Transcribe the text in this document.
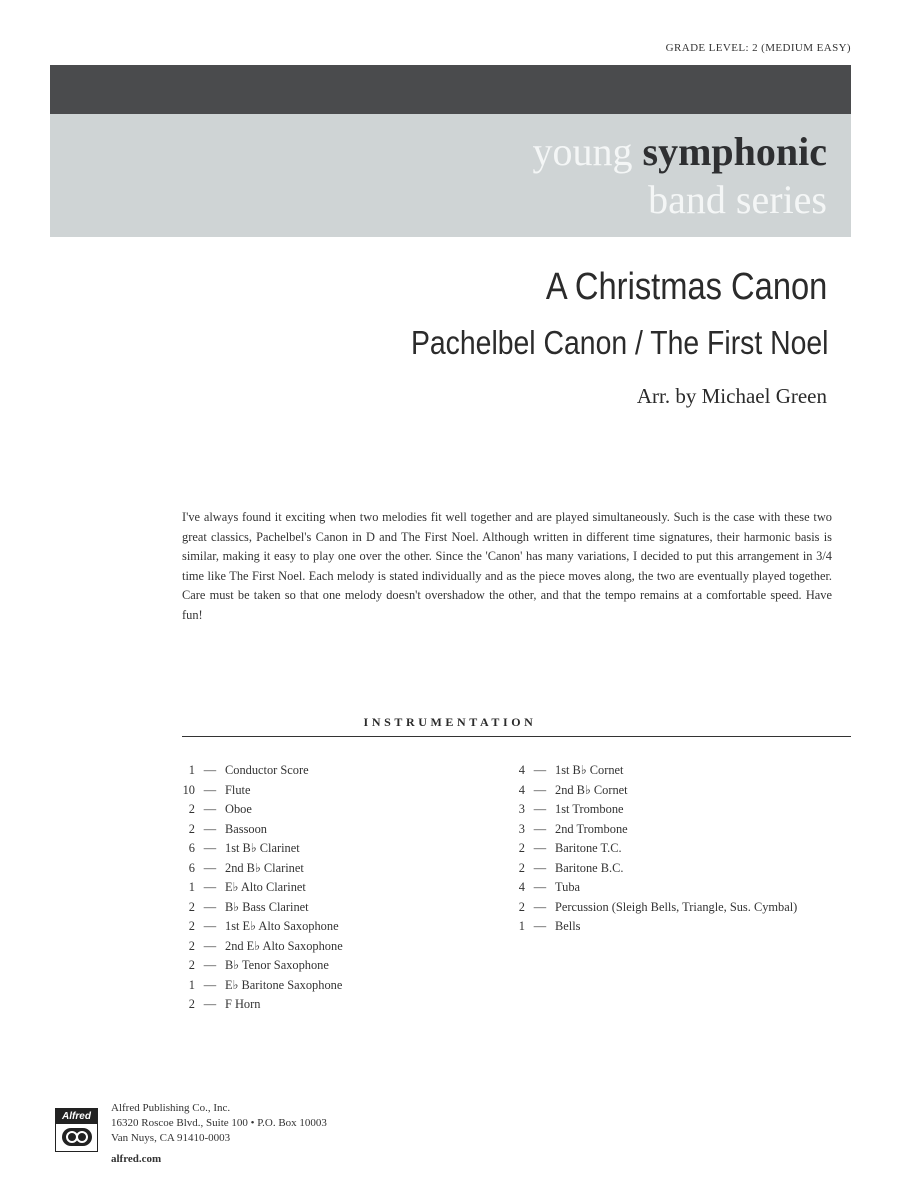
GRADE LEVEL: 2 (MEDIUM EASY)
young symphonic
band series
A Christmas Canon
Pachelbel Canon / The First Noel
Arr. by Michael Green
I've always found it exciting when two melodies fit well together and are played simultaneously. Such is the case with these two great classics, Pachelbel's Canon in D and The First Noel. Although written in different time signatures, their harmonic basis is similar, making it easy to play one over the other. Since the 'Canon' has many variations, I decided to put this arrangement in 3/4 time like The First Noel. Each melody is stated individually and as the piece moves along, the two are eventually played together. Care must be taken so that one melody doesn't overshadow the other, and that the tempo remains at a comfortable speed. Have fun!
INSTRUMENTATION
1 — Conductor Score
10 — Flute
2 — Oboe
2 — Bassoon
6 — 1st B♭ Clarinet
6 — 2nd B♭ Clarinet
1 — E♭ Alto Clarinet
2 — B♭ Bass Clarinet
2 — 1st E♭ Alto Saxophone
2 — 2nd E♭ Alto Saxophone
2 — B♭ Tenor Saxophone
1 — E♭ Baritone Saxophone
2 — F Horn
4 — 1st B♭ Cornet
4 — 2nd B♭ Cornet
3 — 1st Trombone
3 — 2nd Trombone
2 — Baritone T.C.
2 — Baritone B.C.
4 — Tuba
2 — Percussion (Sleigh Bells, Triangle, Sus. Cymbal)
1 — Bells
Alfred
Alfred Publishing Co., Inc.
16320 Roscoe Blvd., Suite 100 • P.O. Box 10003
Van Nuys, CA 91410-0003
alfred.com
